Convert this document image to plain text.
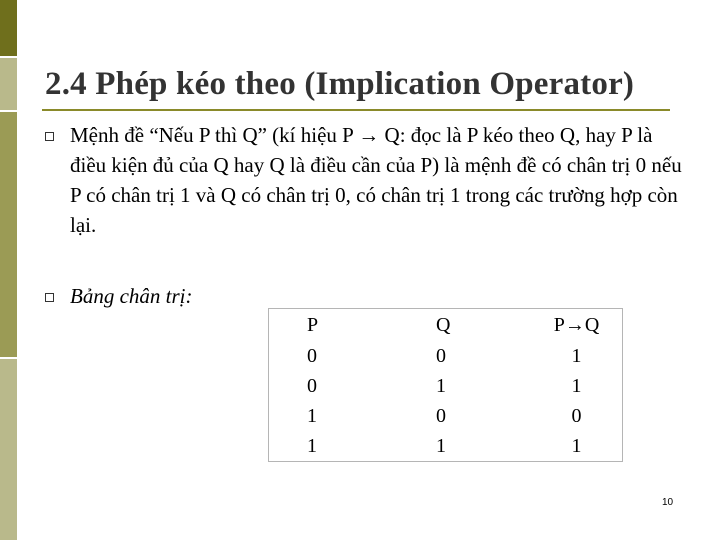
2.4 Phép kéo theo (Implication Operator)
Mệnh đề “Nếu P thì Q” (kí hiệu P → Q: đọc là P kéo theo Q, hay P là điều kiện đủ của Q hay Q là điều cần của P) là mệnh đề có chân trị 0 nếu P có chân trị 1 và Q có chân trị 0, có chân trị 1 trong các trường hợp còn lại.
Bảng chân trị:
P	Q	P→Q
0	0	1
0	1	1
1	0	0
1	1	1
10
